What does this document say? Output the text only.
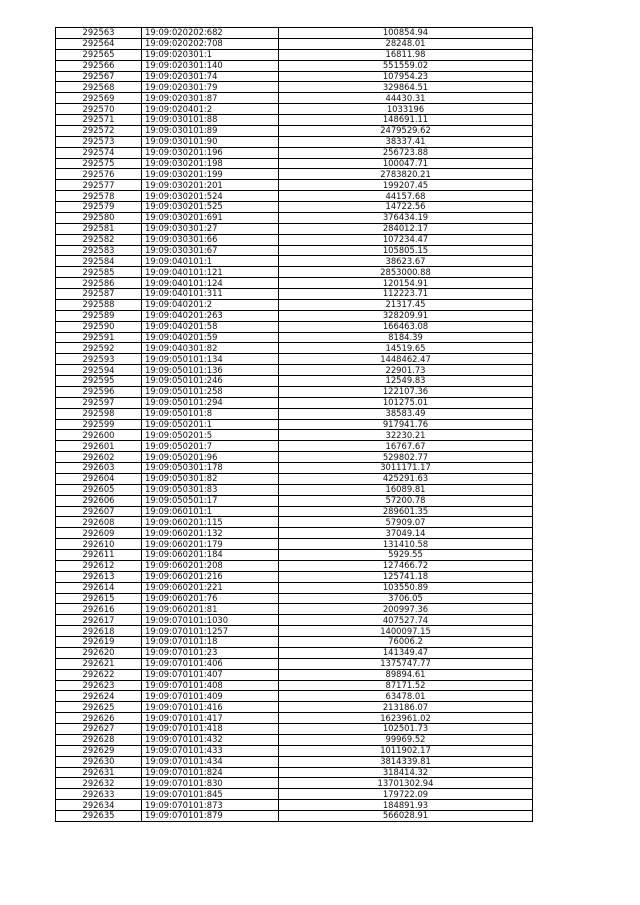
292563	19:09:020202:682	100854.94
292564	19:09:020202:708	28248.01
292565	19:09:020301:1	16811.98
292566	19:09:020301:140	551559.02
292567	19:09:020301:74	107954.23
292568	19:09:020301:79	329864.51
292569	19:09:020301:87	44430.31
292570	19:09:020401:2	1033196
292571	19:09:030101:88	148691.11
292572	19:09:030101:89	2479529.62
292573	19:09:030101:90	38337.41
292574	19:09:030201:196	256723.88
292575	19:09:030201:198	100047.71
292576	19:09:030201:199	2783820.21
292577	19:09:030201:201	199207.45
292578	19:09:030201:524	44157.68
292579	19:09:030201:525	14722.56
292580	19:09:030201:691	376434.19
292581	19:09:030301:27	284012.17
292582	19:09:030301:66	107234.47
292583	19:09:030301:67	105805.15
292584	19:09:040101:1	38623.67
292585	19:09:040101:121	2853000.88
292586	19:09:040101:124	120154.91
292587	19:09:040101:311	112223.71
292588	19:09:040201:2	21317.45
292589	19:09:040201:263	328209.91
292590	19:09:040201:58	166463.08
292591	19:09:040201:59	8184.39
292592	19:09:040301:82	14519.65
292593	19:09:050101:134	1448462.47
292594	19:09:050101:136	22901.73
292595	19:09:050101:246	12549.83
292596	19:09:050101:258	122107.36
292597	19:09:050101:294	101275.01
292598	19:09:050101:8	38583.49
292599	19:09:050201:1	917941.76
292600	19:09:050201:5	32230.21
292601	19:09:050201:7	16767.67
292602	19:09:050201:96	529802.77
292603	19:09:050301:178	3011171.17
292604	19:09:050301:82	425291.63
292605	19:09:050301:83	16089.81
292606	19:09:050501:17	57200.78
292607	19:09:060101:1	289601.35
292608	19:09:060201:115	57909.07
292609	19:09:060201:132	37049.14
292610	19:09:060201:179	131410.58
292611	19:09:060201:184	5929.55
292612	19:09:060201:208	127466.72
292613	19:09:060201:216	125741.18
292614	19:09:060201:221	103550.89
292615	19:09:060201:76	3706.05
292616	19:09:060201:81	200997.36
292617	19:09:070101:1030	407527.74
292618	19:09:070101:1257	1400097.15
292619	19:09:070101:18	76006.2
292620	19:09:070101:23	141349.47
292621	19:09:070101:406	1375747.77
292622	19:09:070101:407	89894.61
292623	19:09:070101:408	87171.52
292624	19:09:070101:409	63478.01
292625	19:09:070101:416	213186.07
292626	19:09:070101:417	1623961.02
292627	19:09:070101:418	102501.73
292628	19:09:070101:432	99969.52
292629	19:09:070101:433	1011902.17
292630	19:09:070101:434	3814339.81
292631	19:09:070101:824	318414.32
292632	19:09:070101:830	13701302.94
292633	19:09:070101:845	179722.09
292634	19:09:070101:873	184891.93
292635	19:09:070101:879	566028.91
